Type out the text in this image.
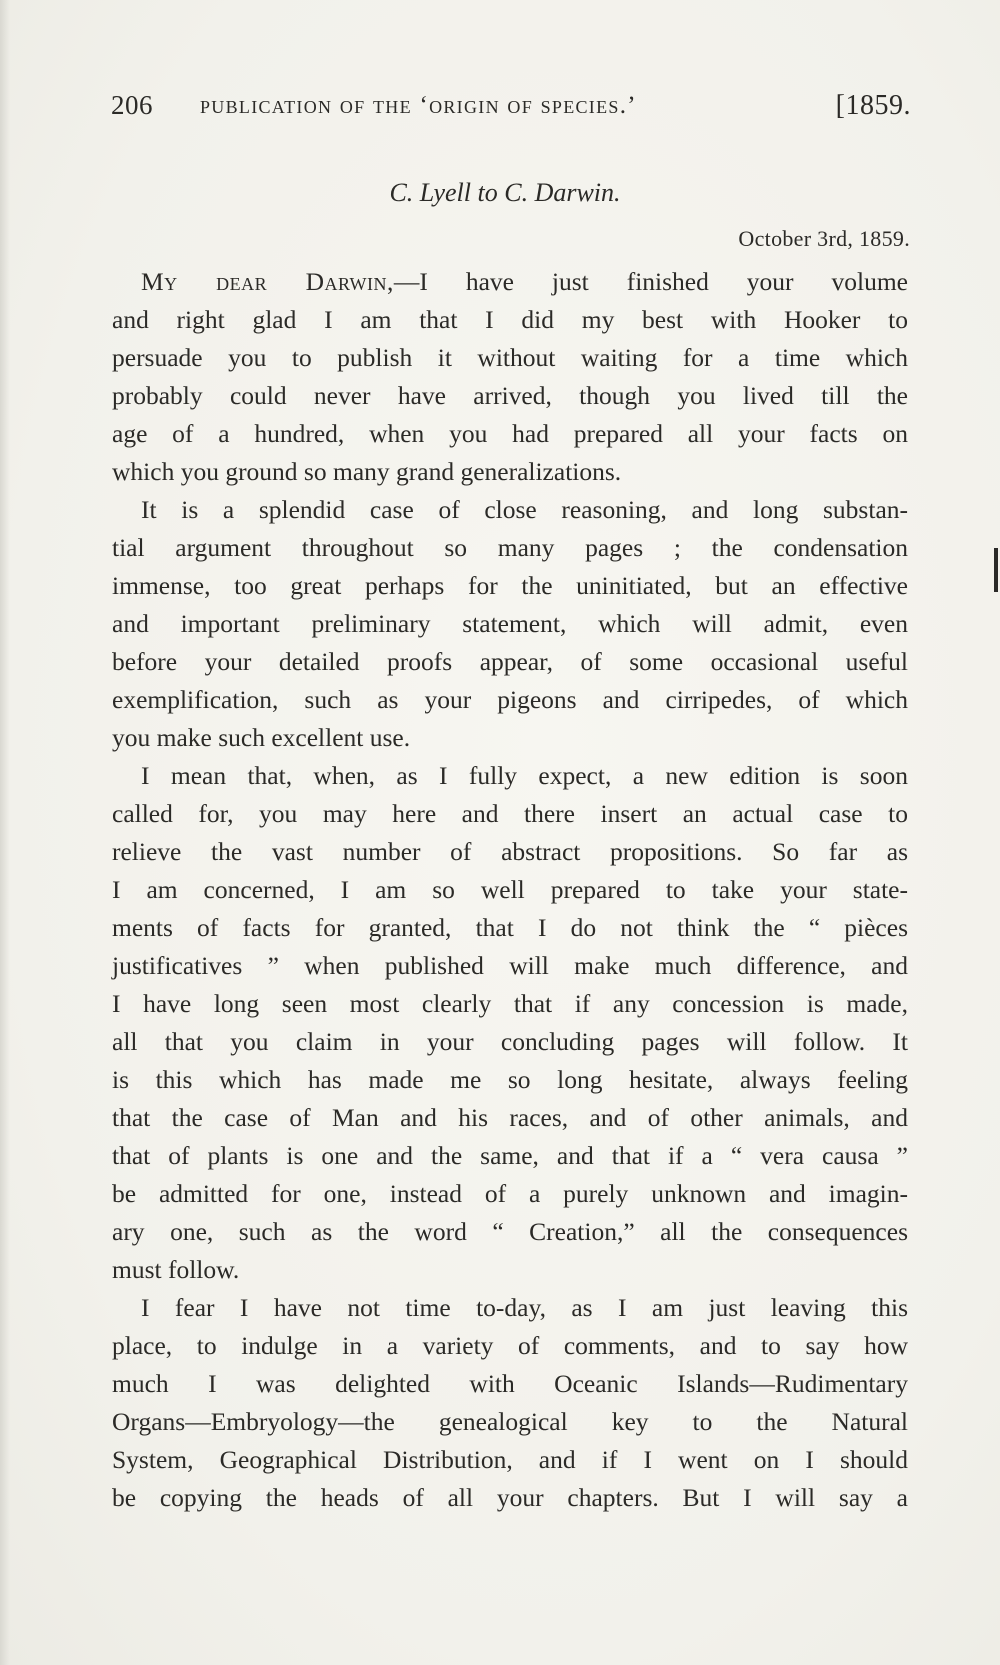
206 publication of the ‘origin of species.’	[1859.
C. Lyell to C. Darwin.
October 3rd, 1859.
My dear Darwin,—I have just finished your volume
and right glad I am that I did my best with Hooker to
persuade you to publish it without waiting for a time which
probably could never have arrived, though you lived till the
age of a hundred, when you had prepared all your facts on
which you ground so many grand generalizations.
It is a splendid case of close reasoning, and long substan-
tial argument throughout so many pages ; the condensation
immense, too great perhaps for the uninitiated, but an effective
and important preliminary statement, which will admit, even
before your detailed proofs appear, of some occasional useful
exemplification, such as your pigeons and cirripedes, of which
you make such excellent use.
I mean that, when, as I fully expect, a new edition is soon
called for, you may here and there insert an actual case to
relieve the vast number of abstract propositions. So far as
I am concerned, I am so well prepared to take your state-
ments of facts for granted, that I do not think the “ pièces
justificatives ” when published will make much difference, and
I have long seen most clearly that if any concession is made,
all that you claim in your concluding pages will follow. It
is this which has made me so long hesitate, always feeling
that the case of Man and his races, and of other animals, and
that of plants is one and the same, and that if a “ vera causa ”
be admitted for one, instead of a purely unknown and imagin-
ary one, such as the word “ Creation,” all the consequences
must follow.
I fear I have not time to-day, as I am just leaving this
place, to indulge in a variety of comments, and to say how
much I was delighted with Oceanic Islands—Rudimentary
Organs—Embryology—the genealogical key to the Natural
System, Geographical Distribution, and if I went on I should
be copying the heads of all your chapters. But I will say a
